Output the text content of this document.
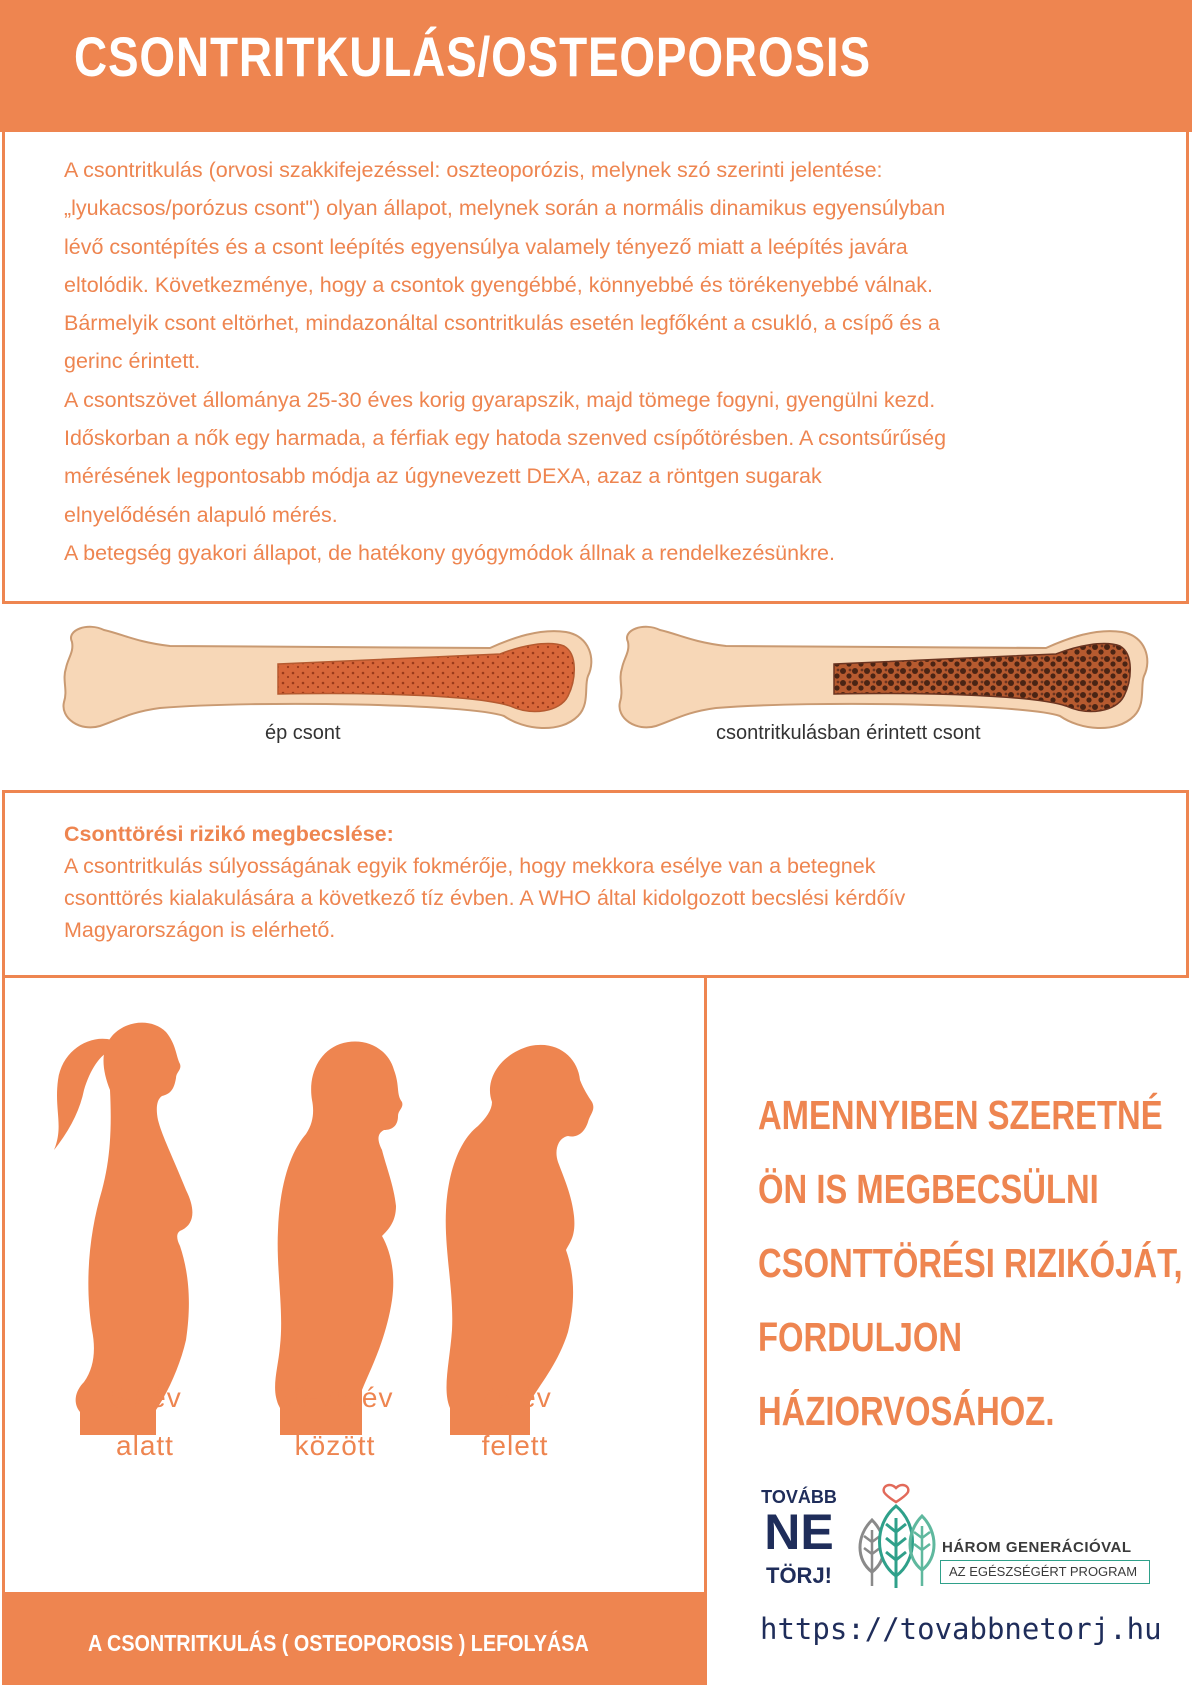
CSONTRITKULÁS/OSTEOPOROSIS

A csontritkulás (orvosi szakkifejezéssel: oszteoporózis, melynek szó szerinti jelentése:

„lyukacsos/porózus csont") olyan állapot, melynek során a normális dinamikus egyensúlyban

lévő csontépítés és a csont leépítés egyensúlya valamely tényező miatt a leépítés javára

eltolódik. Következménye, hogy a csontok gyengébbé, könnyebbé és törékenyebbé válnak.

Bármelyik csont eltörhet, mindazonáltal csontritkulás esetén legfőként a csukló, a csípő és a

gerinc érintett.

A csontszövet állománya 25-30 éves korig gyarapszik, majd tömege fogyni, gyengülni kezd.

Időskorban a nők egy harmada, a férfiak egy hatoda szenved csípőtörésben. A csontsűrűség

mérésének legpontosabb módja az úgynevezett DEXA, azaz a röntgen sugarak

elnyelődésén alapuló mérés.

A betegség gyakori állapot, de hatékony gyógymódok állnak a rendelkezésünkre.

ép csont	csontritkulásban érintett csont

Csonttörési rizikó megbecslése:

A csontritkulás súlyosságának egyik fokmérője, hogy mekkora esélye van a betegnek

csonttörés kialakulására a következő tíz évben. A WHO által kidolgozott becslési kérdőív

Magyarországon is elérhető.

50 év
alatt
50-75 év
között
75 év
felett
A CSONTRITKULÁS ( OSTEOPOROSIS ) LEFOLYÁSA
AMENNYIBEN SZERETNÉ
ÖN IS MEGBECSÜLNI
CSONTTÖRÉSI RIZIKÓJÁT,
FORDULJON
HÁZIORVOSÁHOZ.
TOVÁBB
NE
TÖRJ!
HÁROM GENERÁCIÓVAL
AZ EGÉSZSÉGÉRT PROGRAM
https://tovabbnetorj.hu
